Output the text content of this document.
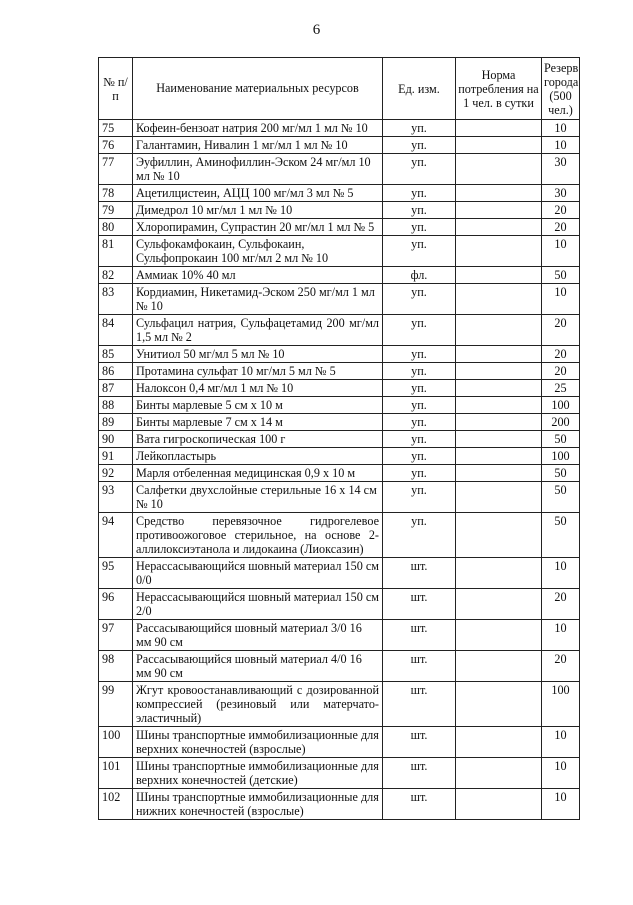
6
№ п/п	Наименование материальных ресурсов	Ед. изм.	Норма потребления на 1 чел. в сутки	Резерв города (500 чел.)
75	Кофеин-бензоат натрия 200 мг/мл 1 мл № 10	уп.		10
76	Галантамин, Нивалин 1 мг/мл 1 мл № 10	уп.		10
77	Эуфиллин, Аминофиллин-Эском 24 мг/мл 10 мл № 10	уп.		30
78	Ацетилцистеин, АЦЦ 100 мг/мл 3 мл № 5	уп.		30
79	Димедрол 10 мг/мл 1 мл № 10	уп.		20
80	Хлоропирамин, Супрастин 20 мг/мл 1 мл № 5	уп.		20
81	Сульфокамфокаин, Сульфокаин, Сульфопрокаин 100 мг/мл 2 мл № 10	уп.		10
82	Аммиак 10% 40 мл	фл.		50
83	Кордиамин, Никетамид-Эском 250 мг/мл 1 мл № 10	уп.		10
84	Сульфацил натрия, Сульфацетамид 200 мг/мл 1,5 мл № 2	уп.		20
85	Унитиол 50 мг/мл 5 мл № 10	уп.		20
86	Протамина сульфат 10 мг/мл 5 мл № 5	уп.		20
87	Налоксон 0,4 мг/мл 1 мл № 10	уп.		25
88	Бинты марлевые 5 см х 10 м	уп.		100
89	Бинты марлевые 7 см х 14 м	уп.		200
90	Вата гигроскопическая 100 г	уп.		50
91	Лейкопластырь	уп.		100
92	Марля отбеленная медицинская 0,9 х 10 м	уп.		50
93	Салфетки двухслойные стерильные 16 х 14 см № 10	уп.		50
94	Средство перевязочное гидрогелевое противоожоговое стерильное, на основе 2-аллилоксиэтанола и лидокаина (Лиоксазин)	уп.		50
95	Нерассасывающийся шовный материал 150 см 0/0	шт.		10
96	Нерассасывающийся шовный материал 150 см 2/0	шт.		20
97	Рассасывающийся шовный материал 3/0 16 мм 90 см	шт.		10
98	Рассасывающийся шовный материал 4/0 16 мм 90 см	шт.		20
99	Жгут кровоостанавливающий с дозированной компрессией (резиновый или матерчато-эластичный)	шт.		100
100	Шины транспортные иммобилизационные для верхних конечностей (взрослые)	шт.		10
101	Шины транспортные иммобилизационные для верхних конечностей (детские)	шт.		10
102	Шины транспортные иммобилизационные для нижних конечностей (взрослые)	шт.		10
